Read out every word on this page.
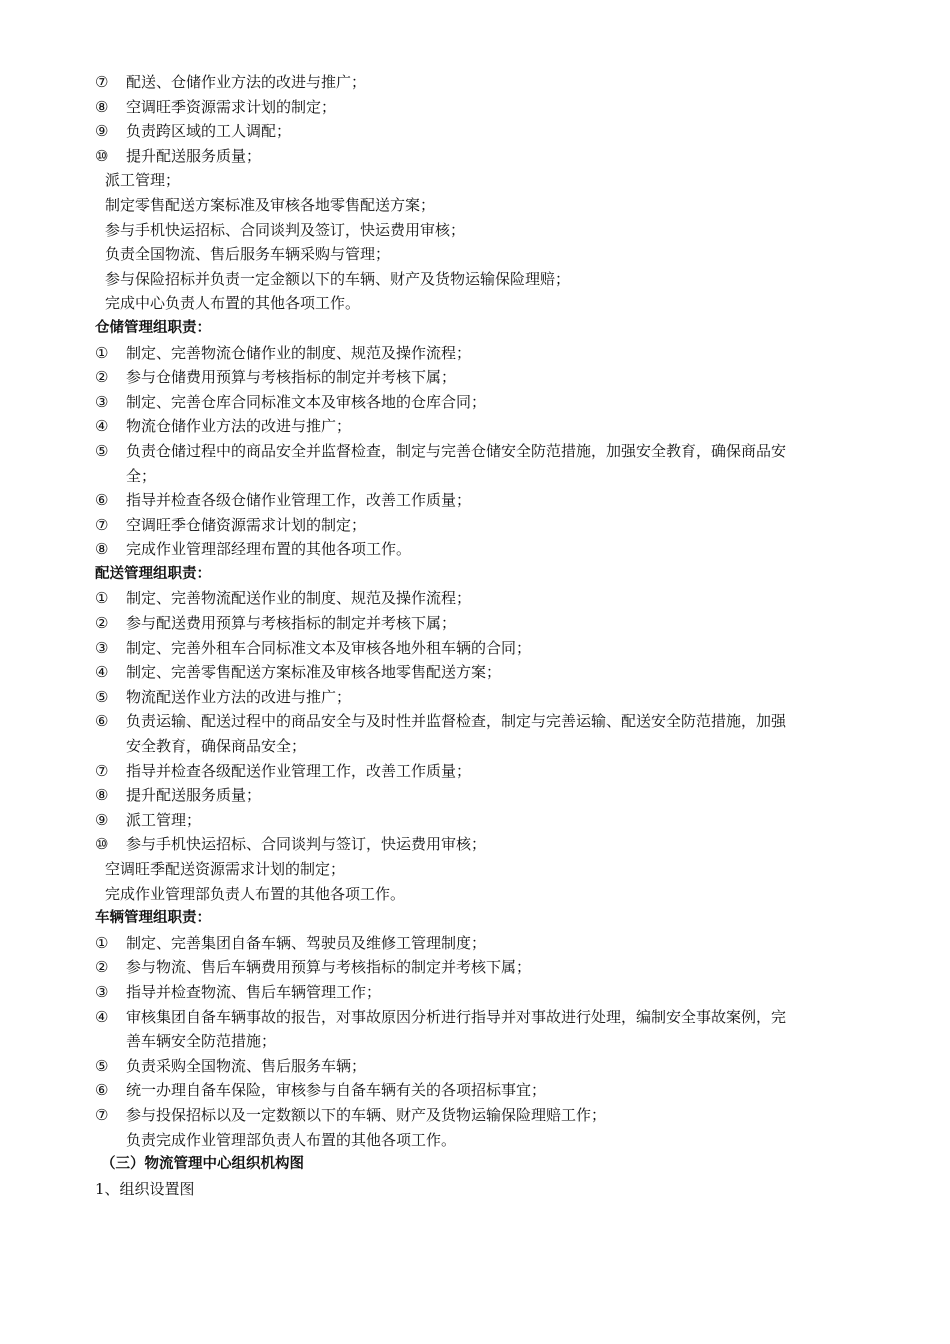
⑦ 配送、仓储作业方法的改进与推广；
⑧ 空调旺季资源需求计划的制定；
⑨ 负责跨区域的工人调配；
⑩ 提升配送服务质量；
派工管理；
制定零售配送方案标准及审核各地零售配送方案；
参与手机快运招标、合同谈判及签订，快运费用审核；
负责全国物流、售后服务车辆采购与管理；
参与保险招标并负责一定金额以下的车辆、财产及货物运输保险理赔；
完成中心负责人布置的其他各项工作。
仓储管理组职责：
① 制定、完善物流仓储作业的制度、规范及操作流程；
② 参与仓储费用预算与考核指标的制定并考核下属；
③ 制定、完善仓库合同标准文本及审核各地的仓库合同；
④ 物流仓储作业方法的改进与推广；
⑤ 负责仓储过程中的商品安全并监督检查，制定与完善仓储安全防范措施，加强安全教育，确保商品安
全；
⑥ 指导并检查各级仓储作业管理工作，改善工作质量；
⑦ 空调旺季仓储资源需求计划的制定；
⑧ 完成作业管理部经理布置的其他各项工作。
配送管理组职责：
① 制定、完善物流配送作业的制度、规范及操作流程；
② 参与配送费用预算与考核指标的制定并考核下属；
③ 制定、完善外租车合同标准文本及审核各地外租车辆的合同；
④ 制定、完善零售配送方案标准及审核各地零售配送方案；
⑤ 物流配送作业方法的改进与推广；
⑥ 负责运输、配送过程中的商品安全与及时性并监督检查，制定与完善运输、配送安全防范措施，加强
安全教育，确保商品安全；
⑦ 指导并检查各级配送作业管理工作，改善工作质量；
⑧ 提升配送服务质量；
⑨ 派工管理；
⑩ 参与手机快运招标、合同谈判与签订，快运费用审核；
空调旺季配送资源需求计划的制定；
完成作业管理部负责人布置的其他各项工作。
车辆管理组职责：
① 制定、完善集团自备车辆、驾驶员及维修工管理制度；
② 参与物流、售后车辆费用预算与考核指标的制定并考核下属；
③ 指导并检查物流、售后车辆管理工作；
④ 审核集团自备车辆事故的报告，对事故原因分析进行指导并对事故进行处理，编制安全事故案例，完
善车辆安全防范措施；
⑤ 负责采购全国物流、售后服务车辆；
⑥ 统一办理自备车保险，审核参与自备车辆有关的各项招标事宜；
⑦ 参与投保招标以及一定数额以下的车辆、财产及货物运输保险理赔工作；
负责完成作业管理部负责人布置的其他各项工作。
（三）物流管理中心组织机构图
1、组织设置图
